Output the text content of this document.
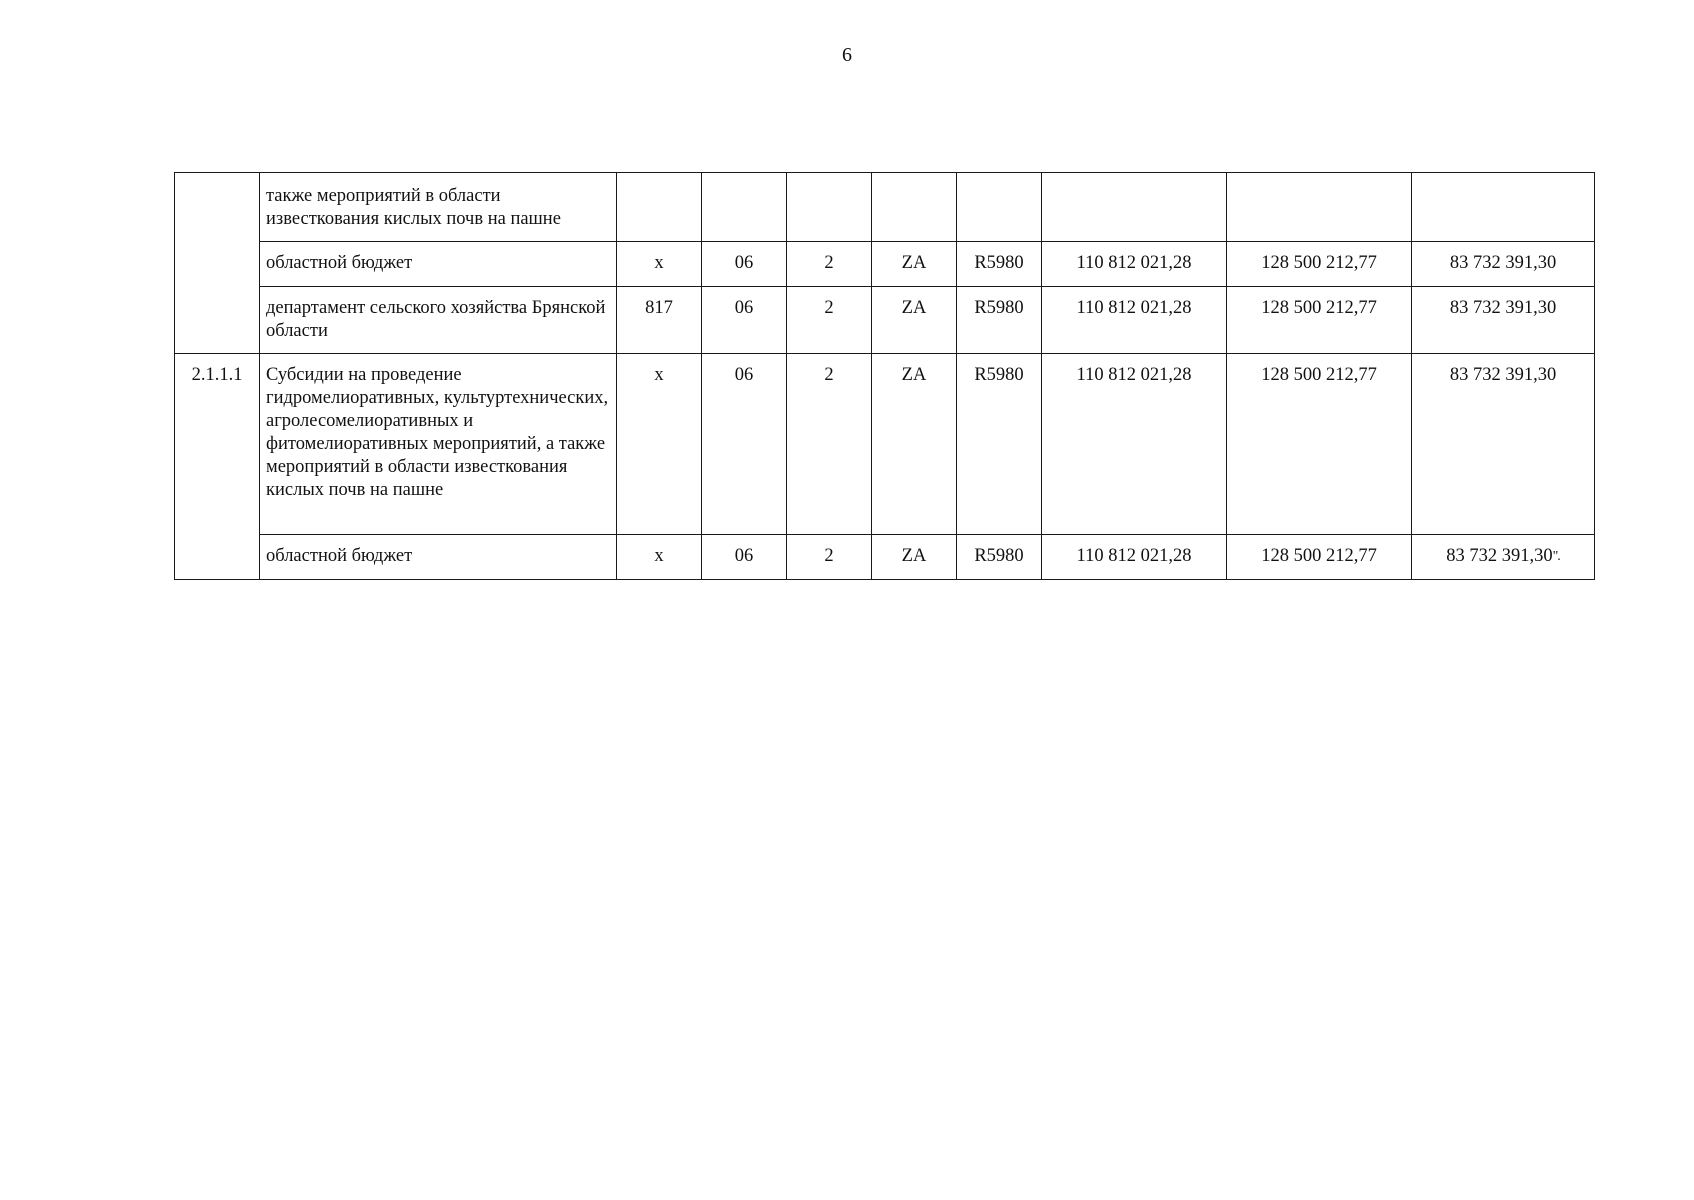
6
	также мероприятий в области известкования кислых почв на пашне								
	областной бюджет	х	06	2	ZA	R5980	110 812 021,28	128 500 212,77	83 732 391,30
	департамент сельского хозяйства Брянской области	817	06	2	ZA	R5980	110 812 021,28	128 500 212,77	83 732 391,30
2.1.1.1	Субсидии на проведение гидромелиоративных, культуртехнических, агролесомелиоративных и фитомелиоративных мероприятий, а также мероприятий в области известкования кислых почв на пашне	х	06	2	ZA	R5980	110 812 021,28	128 500 212,77	83 732 391,30
	областной бюджет	х	06	2	ZA	R5980	110 812 021,28	128 500 212,77	83 732 391,30".
